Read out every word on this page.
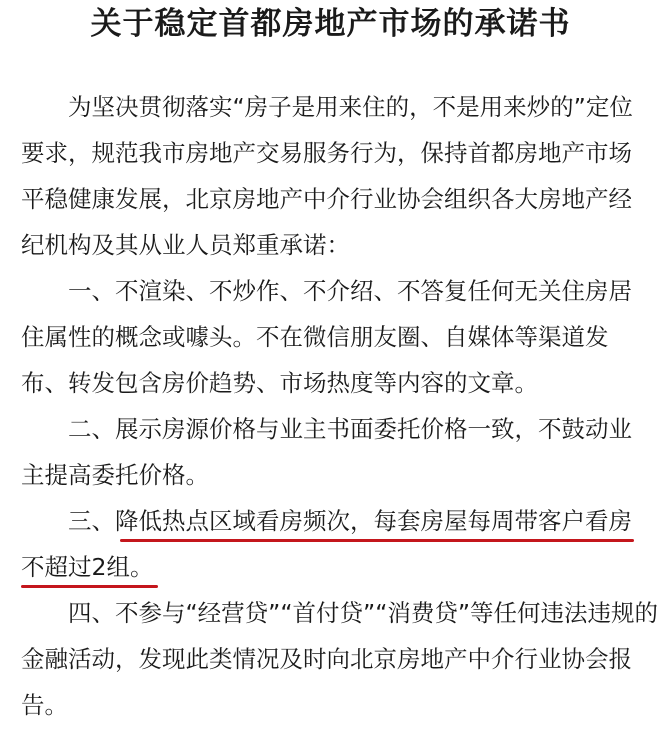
关于稳定首都房地产市场的承诺书
为坚决贯彻落实“房子是用来住的，不是用来炒的”定位
要求，规范我市房地产交易服务行为，保持首都房地产市场
平稳健康发展，北京房地产中介行业协会组织各大房地产经
纪机构及其从业人员郑重承诺：
一、不渲染、不炒作、不介绍、不答复任何无关住房居
住属性的概念或噱头。不在微信朋友圈、自媒体等渠道发
布、转发包含房价趋势、市场热度等内容的文章。
二、展示房源价格与业主书面委托价格一致，不鼓动业
主提高委托价格。
三、降低热点区域看房频次，每套房屋每周带客户看房
不超过2组。
四、不参与“经营贷”“首付贷”“消费贷”等任何违法违规的
金融活动，发现此类情况及时向北京房地产中介行业协会报
告。
